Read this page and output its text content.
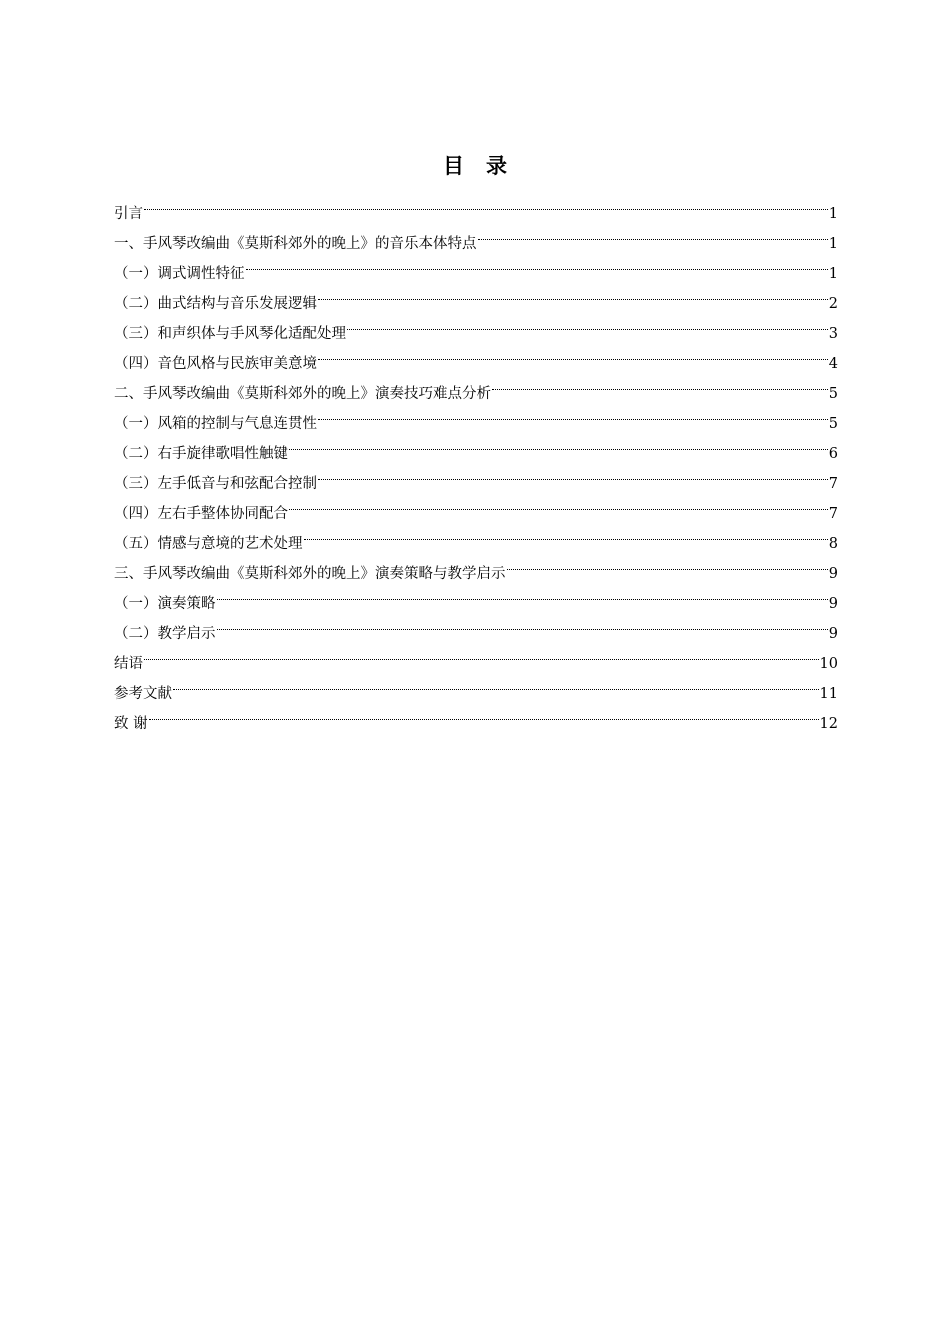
目 录
引言	1
一、手风琴改编曲《莫斯科郊外的晚上》的音乐本体特点	1
（一）调式调性特征	1
（二）曲式结构与音乐发展逻辑	2
（三）和声织体与手风琴化适配处理	3
（四）音色风格与民族审美意境	4
二、手风琴改编曲《莫斯科郊外的晚上》演奏技巧难点分析	5
（一）风箱的控制与气息连贯性	5
（二）右手旋律歌唱性触键	6
（三）左手低音与和弦配合控制	7
（四）左右手整体协同配合	7
（五）情感与意境的艺术处理	8
三、手风琴改编曲《莫斯科郊外的晚上》演奏策略与教学启示	9
（一）演奏策略	9
（二）教学启示	9
结语	10
参考文献	11
致 谢	12
